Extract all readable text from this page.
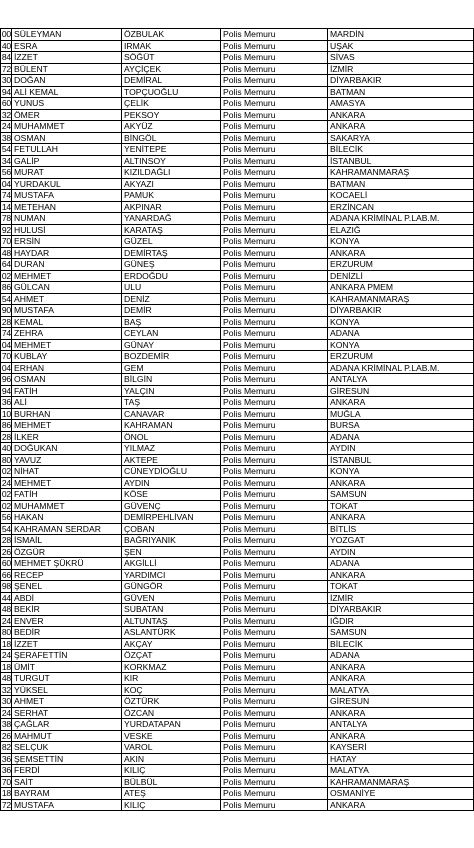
00	SÜLEYMAN	ÖZBULAK	Polis Memuru	MARDİN
40	ESRA	IRMAK	Polis Memuru	UŞAK
84	İZZET	SÖĞÜT	Polis Memuru	SİVAS
72	BÜLENT	AYÇİÇEK	Polis Memuru	İZMİR
30	DOĞAN	DEMİRAL	Polis Memuru	DİYARBAKIR
94	ALİ KEMAL	TOPÇUOĞLU	Polis Memuru	BATMAN
60	YUNUS	ÇELİK	Polis Memuru	AMASYA
32	ÖMER	PEKSOY	Polis Memuru	ANKARA
24	MUHAMMET	AKYÜZ	Polis Memuru	ANKARA
38	OSMAN	BİNGÖL	Polis Memuru	SAKARYA
54	FETULLAH	YENİTEPE	Polis Memuru	BİLECİK
34	GALİP	ALTINSOY	Polis Memuru	İSTANBUL
56	MURAT	KIZILDAĞLI	Polis Memuru	KAHRAMANMARAŞ
04	YURDAKUL	AKYAZI	Polis Memuru	BATMAN
74	MUSTAFA	PAMUK	Polis Memuru	KOCAELİ
14	METEHAN	AKPINAR	Polis Memuru	ERZİNCAN
78	NUMAN	YANARDAĞ	Polis Memuru	ADANA KRİMİNAL P.LAB.M.
92	HULUSİ	KARATAŞ	Polis Memuru	ELAZIĞ
70	ERSİN	GÜZEL	Polis Memuru	KONYA
48	HAYDAR	DEMİRTAŞ	Polis Memuru	ANKARA
64	DURAN	GÜNEŞ	Polis Memuru	ERZURUM
02	MEHMET	ERDOĞDU	Polis Memuru	DENİZLİ
86	GÜLCAN	ULU	Polis Memuru	ANKARA PMEM
54	AHMET	DENİZ	Polis Memuru	KAHRAMANMARAŞ
90	MUSTAFA	DEMİR	Polis Memuru	DİYARBAKIR
28	KEMAL	BAŞ	Polis Memuru	KONYA
74	ZEHRA	CEYLAN	Polis Memuru	ADANA
04	MEHMET	GÜNAY	Polis Memuru	KONYA
70	KUBLAY	BOZDEMİR	Polis Memuru	ERZURUM
04	ERHAN	GEM	Polis Memuru	ADANA KRİMİNAL P.LAB.M.
96	OSMAN	BİLGİN	Polis Memuru	ANTALYA
94	FATİH	YALÇIN	Polis Memuru	GİRESUN
36	ALİ	TAŞ	Polis Memuru	ANKARA
10	BURHAN	CANAVAR	Polis Memuru	MUĞLA
86	MEHMET	KAHRAMAN	Polis Memuru	BURSA
28	İLKER	ÖNOL	Polis Memuru	ADANA
40	DOĞUKAN	YILMAZ	Polis Memuru	AYDIN
80	YAVUZ	AKTEPE	Polis Memuru	İSTANBUL
02	NİHAT	CÜNEYDİOĞLU	Polis Memuru	KONYA
24	MEHMET	AYDIN	Polis Memuru	ANKARA
02	FATİH	KÖSE	Polis Memuru	SAMSUN
02	MUHAMMET	GÜVENÇ	Polis Memuru	TOKAT
56	HAKAN	DEMİRPEHLİVAN	Polis Memuru	ANKARA
54	KAHRAMAN SERDAR	ÇOBAN	Polis Memuru	BİTLİS
28	İSMAİL	BAĞRIYANIK	Polis Memuru	YOZGAT
26	ÖZGÜR	ŞEN	Polis Memuru	AYDIN
60	MEHMET ŞÜKRÜ	AKGİLLİ	Polis Memuru	ADANA
66	RECEP	YARDIMCI	Polis Memuru	ANKARA
98	ŞENEL	GÜNGÖR	Polis Memuru	TOKAT
44	ABDİ	GÜVEN	Polis Memuru	İZMİR
48	BEKİR	SUBATAN	Polis Memuru	DİYARBAKIR
24	ENVER	ALTUNTAŞ	Polis Memuru	IĞDIR
80	BEDİR	ASLANTÜRK	Polis Memuru	SAMSUN
18	İZZET	AKÇAY	Polis Memuru	BİLECİK
24	ŞERAFETTİN	ÖZÇAT	Polis Memuru	ADANA
18	ÜMİT	KORKMAZ	Polis Memuru	ANKARA
48	TURGUT	KIR	Polis Memuru	ANKARA
32	YÜKSEL	KOÇ	Polis Memuru	MALATYA
30	AHMET	ÖZTÜRK	Polis Memuru	GİRESUN
24	SERHAT	ÖZCAN	Polis Memuru	ANKARA
38	ÇAĞLAR	YURDATAPAN	Polis Memuru	ANTALYA
26	MAHMUT	VESKE	Polis Memuru	ANKARA
82	SELÇUK	VAROL	Polis Memuru	KAYSERİ
36	ŞEMSETTİN	AKIN	Polis Memuru	HATAY
36	FERDİ	KILIÇ	Polis Memuru	MALATYA
70	SAİT	BÜLBÜL	Polis Memuru	KAHRAMANMARAŞ
18	BAYRAM	ATEŞ	Polis Memuru	OSMANİYE
72	MUSTAFA	KILIÇ	Polis Memuru	ANKARA
